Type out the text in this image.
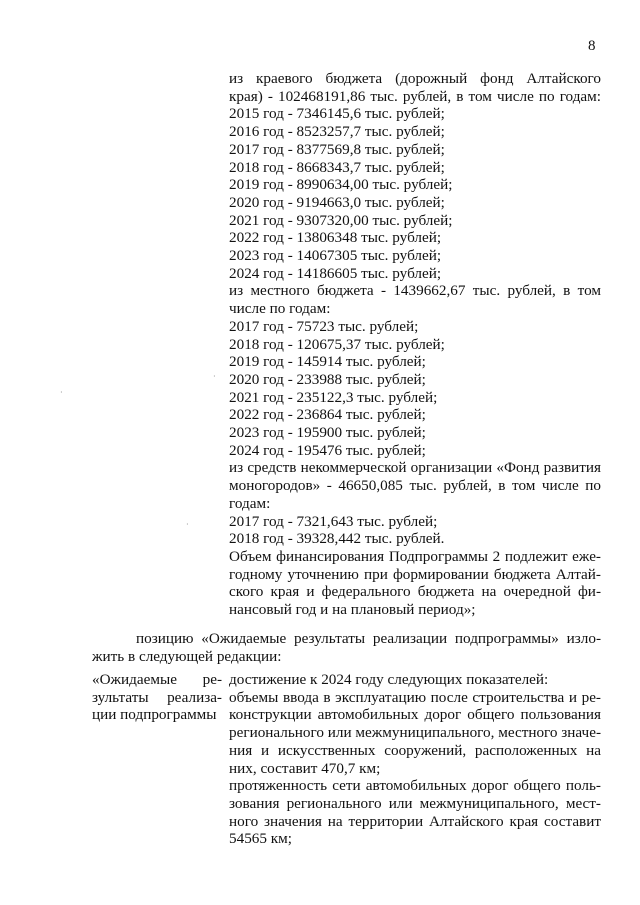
8
из краевого бюджета (дорожный фонд Алтайского
края) - 102468191,86 тыс. рублей, в том числе по годам:
2015 год - 7346145,6 тыс. рублей;
2016 год - 8523257,7 тыс. рублей;
2017 год - 8377569,8 тыс. рублей;
2018 год - 8668343,7 тыс. рублей;
2019 год - 8990634,00 тыс. рублей;
2020 год - 9194663,0 тыс. рублей;
2021 год - 9307320,00 тыс. рублей;
2022 год - 13806348 тыс. рублей;
2023 год - 14067305 тыс. рублей;
2024 год - 14186605 тыс. рублей;
из местного бюджета - 1439662,67 тыс. рублей, в том
числе по годам:
2017 год - 75723 тыс. рублей;
2018 год - 120675,37 тыс. рублей;
2019 год - 145914 тыс. рублей;
2020 год - 233988 тыс. рублей;
2021 год - 235122,3 тыс. рублей;
2022 год - 236864 тыс. рублей;
2023 год - 195900 тыс. рублей;
2024 год - 195476 тыс. рублей;
из средств некоммерческой организации «Фонд развития
моногородов» - 46650,085 тыс. рублей, в том числе по
годам:
2017 год - 7321,643 тыс. рублей;
2018 год - 39328,442 тыс. рублей.
Объем финансирования Подпрограммы 2 подлежит еже-
годному уточнению при формировании бюджета Алтай-
ского края и федерального бюджета на очередной фи-
нансовый год и на плановый период»;
позицию «Ожидаемые результаты реализации подпрограммы» изло-
жить в следующей редакции:
«Ожидаемые ре-
зультаты реализа-
ции подпрограммы
достижение к 2024 году следующих показателей:
объемы ввода в эксплуатацию после строительства и ре-
конструкции автомобильных дорог общего пользования
регионального или межмуниципального, местного значе-
ния и искусственных сооружений, расположенных на
них, составит 470,7 км;
протяженность сети автомобильных дорог общего поль-
зования регионального или межмуниципального, мест-
ного значения на территории Алтайского края составит
54565 км;
·
·
·
